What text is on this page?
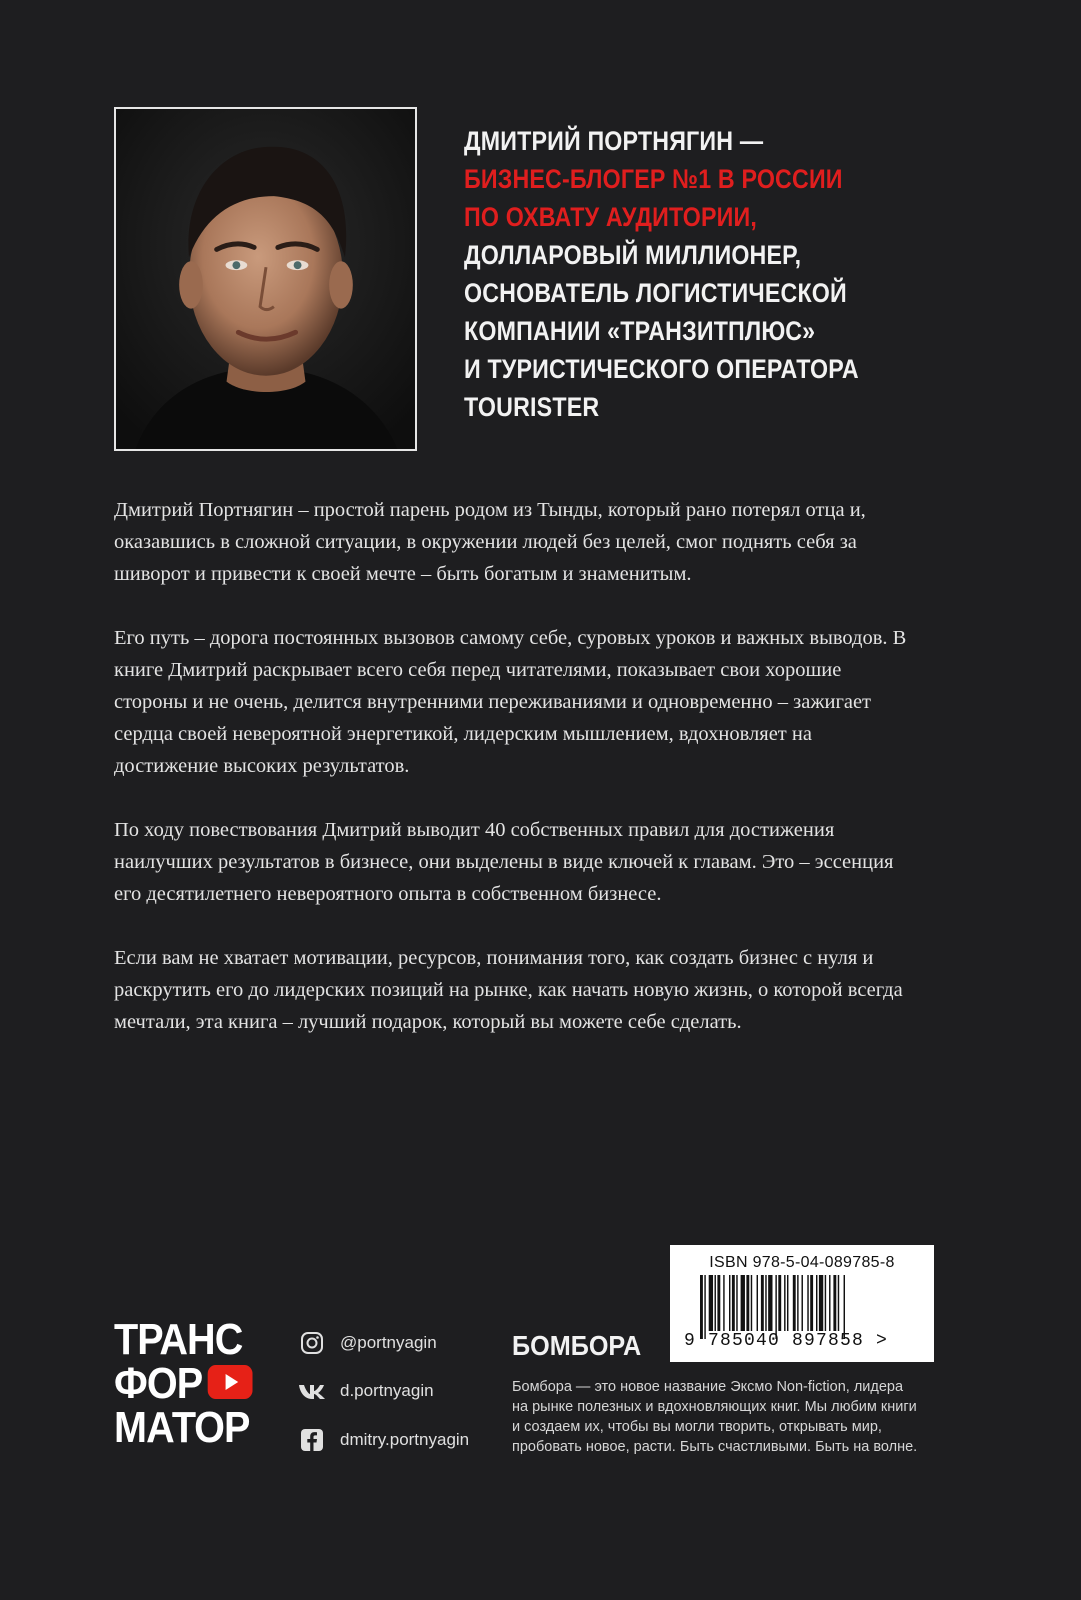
ДМИТРИЙ ПОРТНЯГИН —
БИЗНЕС-БЛОГЕР №1 В РОССИИ
ПО ОХВАТУ АУДИТОРИИ,
ДОЛЛАРОВЫЙ МИЛЛИОНЕР,
ОСНОВАТЕЛЬ ЛОГИСТИЧЕСКОЙ
КОМПАНИИ «ТРАНЗИТПЛЮС»
И ТУРИСТИЧЕСКОГО ОПЕРАТОРА
TOURISTER

Дмитрий Портнягин – простой парень родом из Тынды, который рано потерял отца и, оказавшись в сложной ситуации, в окружении людей без целей, смог поднять себя за шиворот и привести к своей мечте – быть богатым и знаменитым.

Его путь – дорога постоянных вызовов самому себе, суровых уроков и важных выводов. В книге Дмитрий раскрывает всего себя перед читателями, показывает свои хорошие стороны и не очень, делится внутренними переживаниями и одновременно – зажигает сердца своей невероятной энергетикой, лидерским мышлением, вдохновляет на достижение высоких результатов.

По ходу повествования Дмитрий выводит 40 собственных правил для достижения наилучших результатов в бизнесе, они выделены в виде ключей к главам. Это – эссенция его десятилетнего невероятного опыта в собственном бизнесе.

Если вам не хватает мотивации, ресурсов, понимания того, как создать бизнес с нуля и раскрутить его до лидерских позиций на рынке, как начать новую жизнь, о которой всегда мечтали, эта книга – лучший подарок, который вы можете себе сделать.

ISBN 978-5-04-089785-8
9 785040 897858 >
ТРАНС
ФОР
МАТОР
@portnyagin
d.portnyagin
dmitry.portnyagin
БОМБОРА
Бомбора — это новое название Эксмо Non-fiction, лидера
на рынке полезных и вдохновляющих книг. Мы любим книги
и создаем их, чтобы вы могли творить, открывать мир,
пробовать новое, расти. Быть счастливыми. Быть на волне.
